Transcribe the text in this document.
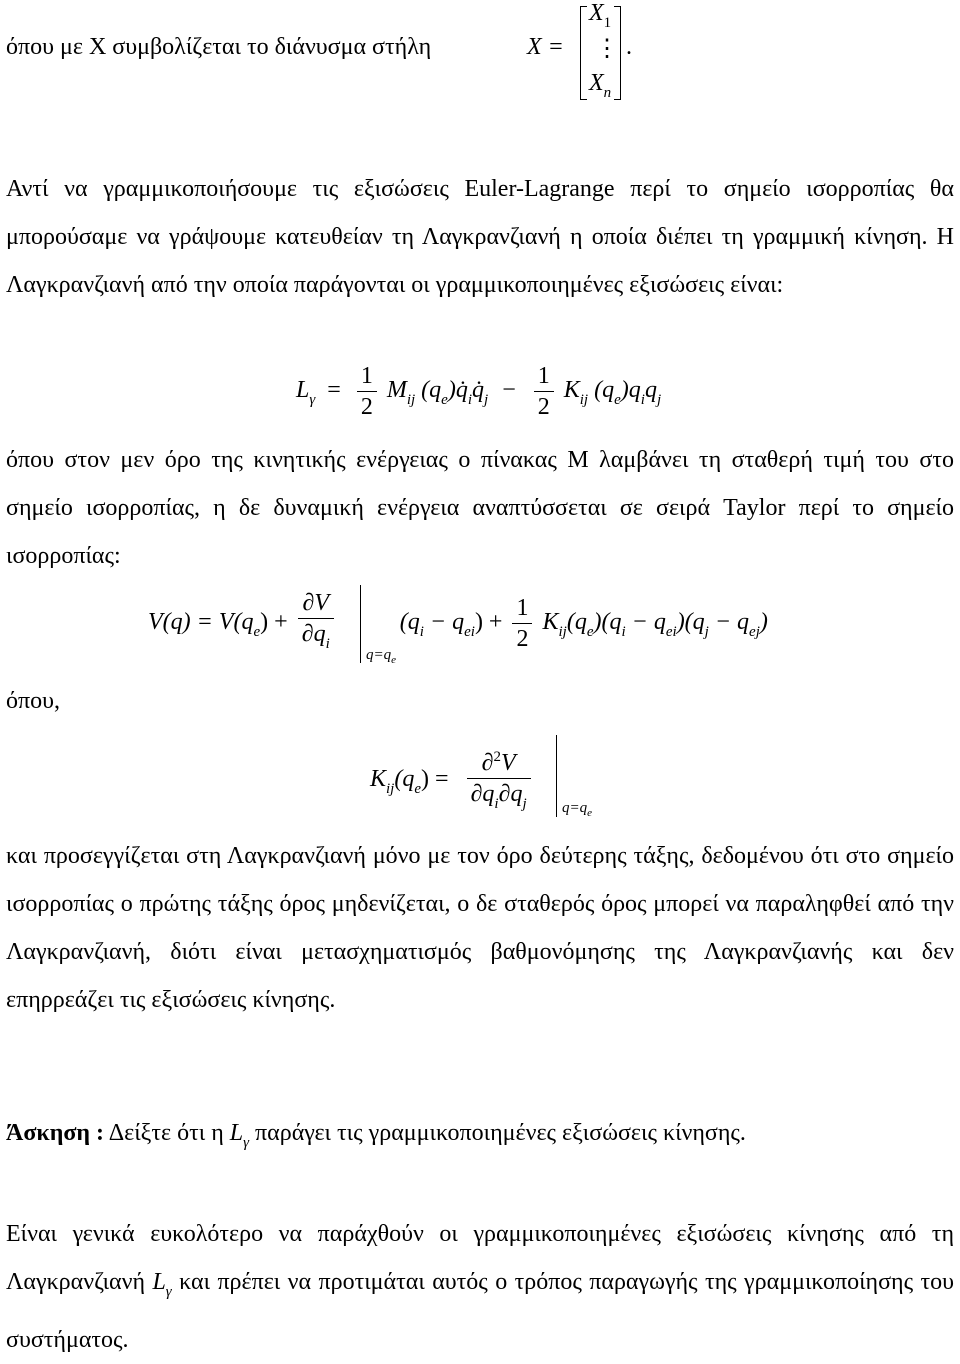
όπου με X συμβολίζεται το διάνυσμα στήλη	X =
$X_1$
⋮
$X_n$
.

Αντί να γραμμικοποιήσουμε τις εξισώσεις Euler-Lagrange περί το σημείο ισορροπίας θα μπορούσαμε να γράψουμε κατευθείαν τη Λαγκρανζιανή η οποία διέπει τη γραμμική κίνηση. Η Λαγκρανζιανή από την οποία παράγονται οι γραμμικοποιημένες εξισώσεις είναι:

$L_\gamma = \frac{1}{2} M_{ij}$ $(q_e)q̇_iq̇_j - \frac{1}{2} K_{ij}$ $(q_e)q_iq_j$

όπου στον μεν όρο της κινητικής ενέργειας ο πίνακας M λαμβάνει τη σταθερή τιμή του στο σημείο ισορροπίας, η δε δυναμική ενέργεια αναπτύσσεται σε σειρά Taylor περί το σημείο ισορροπίας:

$V(q) = V(q_e) + \frac{\partial V}{\partial q_i}$	$(q_i - q_{ei}) + \frac{1}{2} K_{ij}(q_e)(q_i - q_{ei})(q_j - q_{ej})$
$q=q_e$
όπου,
$K_{ij}(q_e) = \frac{\partial^2V}{\partial q_i\partial q_j} q=q_e$

και προσεγγίζεται στη Λαγκρανζιανή μόνο με τον όρο δεύτερης τάξης, δεδομένου ότι στο σημείο ισορροπίας ο πρώτης τάξης όρος μηδενίζεται, ο δε σταθερός όρος μπορεί να παραληφθεί από την Λαγκρανζιανή, διότι είναι μετασχηματισμός βαθμονόμησης της Λαγκρανζιανής και δεν επηρρεάζει τις εξισώσεις κίνησης.

Άσκηση : Δείξτε ότι η $L_\gamma$ παράγει τις γραμμικοποιημένες εξισώσεις κίνησης.

Είναι γενικά ευκολότερο να παράχθούν οι γραμμικοποιημένες εξισώσεις κίνησης από τη Λαγκρανζιανή $L_\gamma$ και πρέπει να προτιμάται αυτός ο τρόπος παραγωγής της γραμμικοποίησης του συστήματος.
